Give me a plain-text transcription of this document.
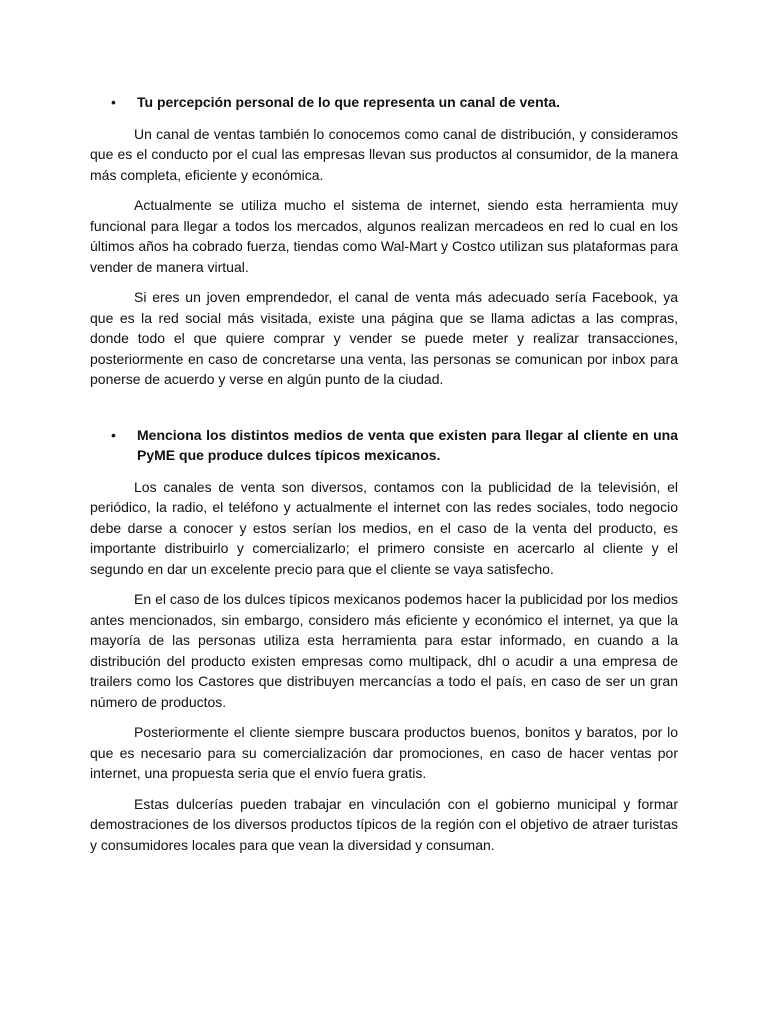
• Tu percepción personal de lo que representa un canal de venta.

Un canal de ventas también lo conocemos como canal de distribución, y consideramos que es el conducto por el cual las empresas llevan sus productos al consumidor, de la manera más completa, eficiente y económica.

Actualmente se utiliza mucho el sistema de internet, siendo esta herramienta muy funcional para llegar a todos los mercados, algunos realizan mercadeos en red lo cual en los últimos años ha cobrado fuerza, tiendas como Wal-Mart y Costco utilizan sus plataformas para vender de manera virtual.

Si eres un joven emprendedor, el canal de venta más adecuado sería Facebook, ya que es la red social más visitada, existe una página que se llama adictas a las compras, donde todo el que quiere comprar y vender se puede meter y realizar transacciones, posteriormente en caso de concretarse una venta, las personas se comunican por inbox para ponerse de acuerdo y verse en algún punto de la ciudad.

• Menciona los distintos medios de venta que existen para llegar al cliente en una PyME que produce dulces típicos mexicanos.

Los canales de venta son diversos, contamos con la publicidad de la televisión, el periódico, la radio, el teléfono y actualmente el internet con las redes sociales, todo negocio debe darse a conocer y estos serían los medios, en el caso de la venta del producto, es importante distribuirlo y comercializarlo; el primero consiste en acercarlo al cliente y el segundo en dar un excelente precio para que el cliente se vaya satisfecho.

En el caso de los dulces típicos mexicanos podemos hacer la publicidad por los medios antes mencionados, sin embargo, considero más eficiente y económico el internet, ya que la mayoría de las personas utiliza esta herramienta para estar informado, en cuando a la distribución del producto existen empresas como multipack, dhl o acudir a una empresa de trailers como los Castores que distribuyen mercancías a todo el país, en caso de ser un gran número de productos.

Posteriormente el cliente siempre buscara productos buenos, bonitos y baratos, por lo que es necesario para su comercialización dar promociones, en caso de hacer ventas por internet, una propuesta seria que el envío fuera gratis.

Estas dulcerías pueden trabajar en vinculación con el gobierno municipal y formar demostraciones de los diversos productos típicos de la región con el objetivo de atraer turistas y consumidores locales para que vean la diversidad y consuman.
